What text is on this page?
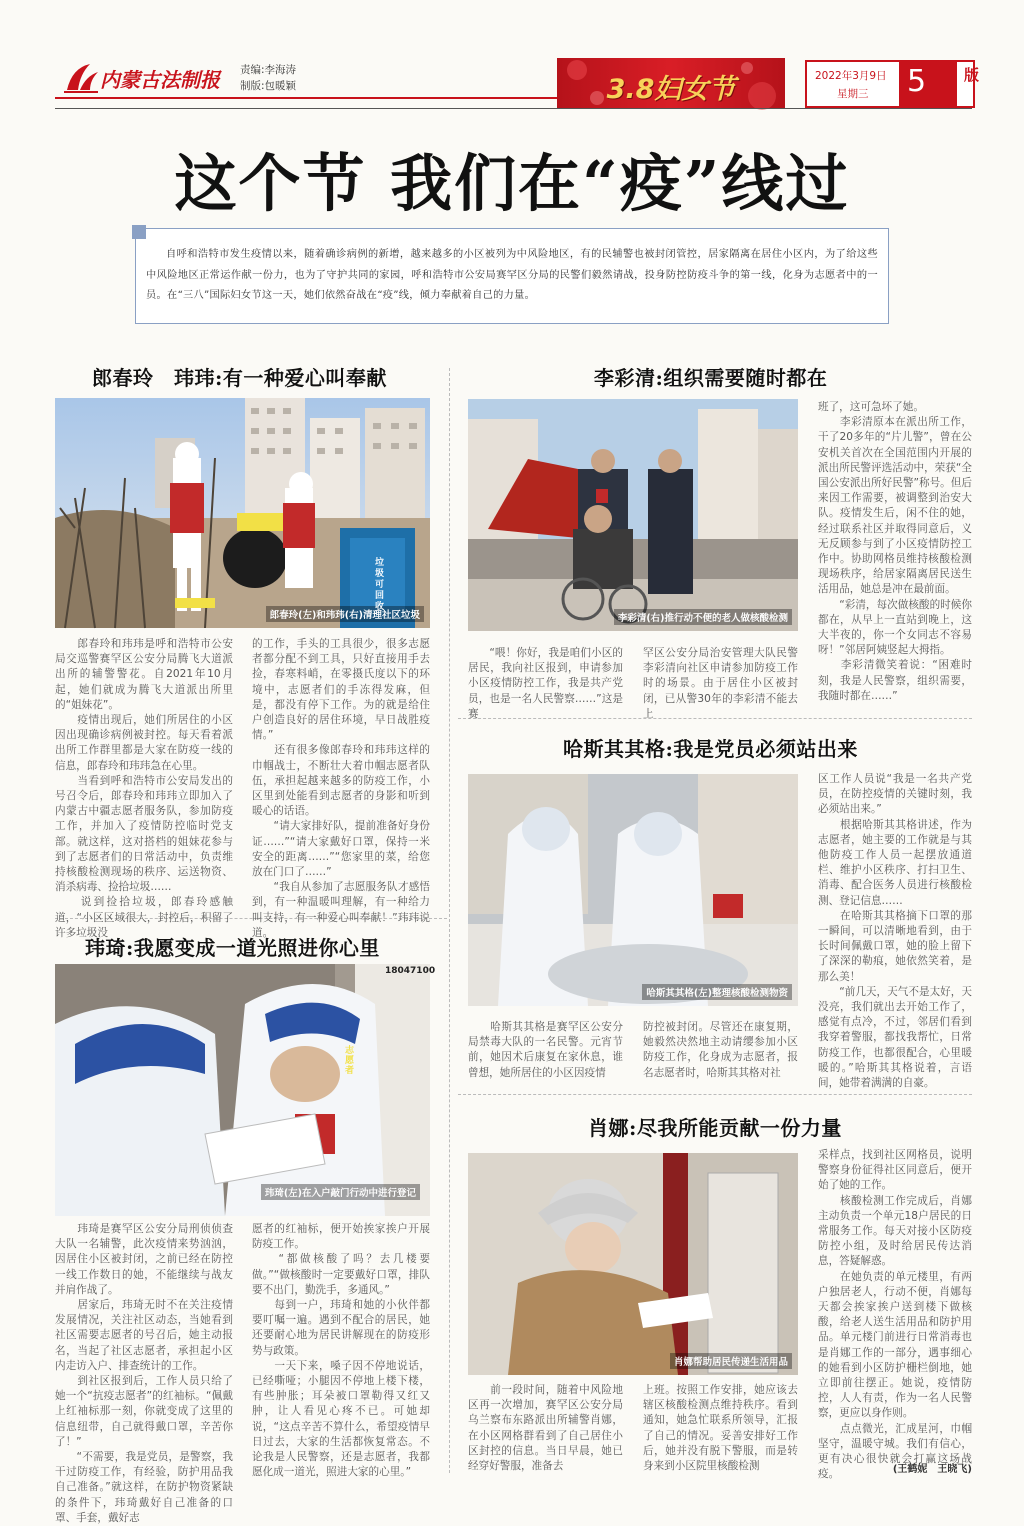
内蒙古法制报 责编:李海涛
制版:包暖颖	3.8妇女节	2022年3月9日
星期三 5	版
这个节 我们在“疫”线过
自呼和浩特市发生疫情以来，随着确诊病例的新增，越来越多的小区被列为中风险地区，有的民辅警也被封闭管控，居家隔离在居住小区内，为了给这些中风险地区正常运作献一份力，也为了守护共同的家园，呼和浩特市公安局赛罕区分局的民警们毅然请战，投身防控防疫斗争的第一线，化身为志愿者中的一员。在“三八”国际妇女节这一天，她们依然奋战在“疫”线，倾力奉献着自己的力量。
郎春玲　玮玮:有一种爱心叫奉献
郎春玲(左)和玮玮(右)清理社区垃圾
垃圾可回收
　　郎春玲和玮玮是呼和浩特市公安局交巡警赛罕区公安分局腾飞大道派出所的辅警警花。自2021年10月起，她们就成为腾飞大道派出所里的“姐妹花”。
　　疫情出现后，她们所居住的小区因出现确诊病例被封控。每天看着派出所工作群里都是大家在防疫一线的信息，郎春玲和玮玮急在心里。
　　当看到呼和浩特市公安局发出的号召令后，郎春玲和玮玮立即加入了内蒙古中疆志愿者服务队，参加防疫工作，并加入了疫情防控临时党支部。就这样，这对搭档的姐妹花参与到了志愿者们的日常活动中，负责维持核酸检测现场的秩序、运送物资、消杀病毒、捡拾垃圾……
　　说到捡拾垃圾，郎春玲感触道，“小区区域很大，封控后，积留了许多垃圾没
的工作，手头的工具很少，很多志愿者都分配不到工具，只好直接用手去捡，春寒料峭，在零摄氏度以下的环境中，志愿者们的手冻得发麻，但是，都没有停下工作。为的就是给住户创造良好的居住环境，早日战胜疫情。”
　　还有很多像郎春玲和玮玮这样的巾帼战士，不断壮大着巾帼志愿者队伍，承担起越来越多的防疫工作，小区里到处能看到志愿者的身影和听到暖心的话语。
　　“请大家排好队，提前准备好身份证……”“请大家戴好口罩，保持一米安全的距离……”“您家里的菜，给您放在门口了……”
　　“我自从参加了志愿服务队才感悟到，有一种温暖叫理解，有一种给力叫支持，有一种爱心叫奉献！”玮玮说道。
玮琦:我愿变成一道光照进你心里
18047100
志愿者
玮琦(左)在入户敲门行动中进行登记
　　玮琦是赛罕区公安分局刑侦侦查大队一名辅警，此次疫情来势汹汹，因居住小区被封闭，之前已经在防控一线工作数日的她，不能继续与战友并肩作战了。
　　居家后，玮琦无时不在关注疫情发展情况，关注社区动态，当她看到社区需要志愿者的号召后，她主动报名，当起了社区志愿者，承担起小区内走访入户、排查统计的工作。
　　到社区报到后，工作人员只给了她一个“抗疫志愿者”的红袖标。“佩戴上红袖标那一刻，你就变成了这里的信息纽带，自己就得戴口罩，辛苦你了！”
　　“不需要，我是党员，是警察，我干过防疫工作，有经验，防护用品我自己准备。”就这样，在防护物资紧缺的条件下，玮琦戴好自己准备的口罩、手套，戴好志
愿者的红袖标，便开始挨家挨户开展防疫工作。
　　“都做核酸了吗？去几楼要做。”“做核酸时一定要戴好口罩，排队要不出门，勤洗手，多通风。”
　　每到一户，玮琦和她的小伙伴都要叮嘱一遍。遇到不配合的居民，她还要耐心地为居民讲解现在的防疫形势与政策。
　　一天下来，嗓子因不停地说话，已经嘶哑；小腿因不停地上楼下楼，有些肿胀；耳朵被口罩勒得又红又肿，让人看见心疼不已。可她却说，“这点辛苦不算什么，希望疫情早日过去，大家的生活都恢复常态。不论我是人民警察，还是志愿者，我都愿化成一道光，照进大家的心里。”
李彩清:组织需要随时都在
李彩清(右)推行动不便的老人做核酸检测
　　“喂！你好，我是咱们小区的居民，我向社区报到，申请参加小区疫情防控工作，我是共产党员，也是一名人民警察……”这是赛
罕区公安分局治安管理大队民警李彩清向社区申请参加防疫工作时的场景。由于居住小区被封闭，已从警30年的李彩清不能去上
班了，这可急坏了她。
　　李彩清原本在派出所工作，干了20多年的“片儿警”，曾在公安机关首次在全国范围内开展的派出所民警评选活动中，荣获“全国公安派出所好民警”称号。但后来因工作需要，被调整到治安大队。疫情发生后，闲不住的她，经过联系社区并取得同意后，义无反顾参与到了小区疫情防控工作中。协助网格员维持核酸检测现场秩序，给居家隔离居民送生活用品，她总是冲在最前面。
　　“彩清，每次做核酸的时候你都在，从早上一直站到晚上，这大半夜的，你一个女同志不容易呀！”邻居阿姨竖起大拇指。
　　李彩清微笑着说：“困难时刻，我是人民警察，组织需要，我随时都在……”
哈斯其其格:我是党员必须站出来
哈斯其其格(左)整理核酸检测物资
　　哈斯其其格是赛罕区公安分局禁毒大队的一名民警。元宵节前，她因术后康复在家休息，谁曾想，她所居住的小区因疫情
防控被封闭。尽管还在康复期，她毅然决然地主动请缨参加小区防疫工作，化身成为志愿者，报名志愿者时，哈斯其其格对社
区工作人员说“我是一名共产党员，在防控疫情的关键时刻，我必须站出来。”
　　根据哈斯其其格讲述，作为志愿者，她主要的工作就是与其他防疫工作人员一起摆放通道栏、维护小区秩序、打扫卫生、消毒、配合医务人员进行核酸检测、登记信息……
　　在哈斯其其格摘下口罩的那一瞬间，可以清晰地看到，由于长时间佩戴口罩，她的脸上留下了深深的勒痕，她依然笑着，是那么美！
　　“前几天，天气不是太好，天没亮，我们就出去开始工作了，感觉有点冷，不过，邻居们看到我穿着警服，都找我帮忙，日常防疫工作，也都很配合，心里暖暖的。”哈斯其其格说着，言语间，她带着满满的自豪。
肖娜:尽我所能贡献一份力量
肖娜帮助居民传递生活用品
　　前一段时间，随着中风险地区再一次增加，赛罕区公安分局乌兰察布东路派出所辅警肖娜，在小区网格群看到了自己居住小区封控的信息。当日早晨，她已经穿好警服，准备去
上班。按照工作安排，她应该去辖区核酸检测点维持秩序。看到通知，她急忙联系所领导，汇报了自己的情况。妥善安排好工作后，她并没有脱下警服，而是转身来到小区院里核酸检测
采样点，找到社区网格员，说明警察身份征得社区同意后，便开始了她的工作。
　　核酸检测工作完成后，肖娜主动负责一个单元18户居民的日常服务工作。每天对接小区防疫防控小组，及时给居民传达消息，答疑解惑。
　　在她负责的单元楼里，有两户独居老人，行动不便，肖娜每天都会挨家挨户送到楼下做核酸，给老人送生活用品和防护用品。单元楼门前进行日常消毒也是肖娜工作的一部分，遇事细心的她看到小区防护栅栏倒地，她立即前往摆正。她说，疫情防控，人人有责，作为一名人民警察，更应以身作则。
　　点点微光，汇成星河，巾帼坚守，温暖守城。我们有信心，更有决心很快就会打赢这场战疫。	(王鹤妮　王晓飞)
